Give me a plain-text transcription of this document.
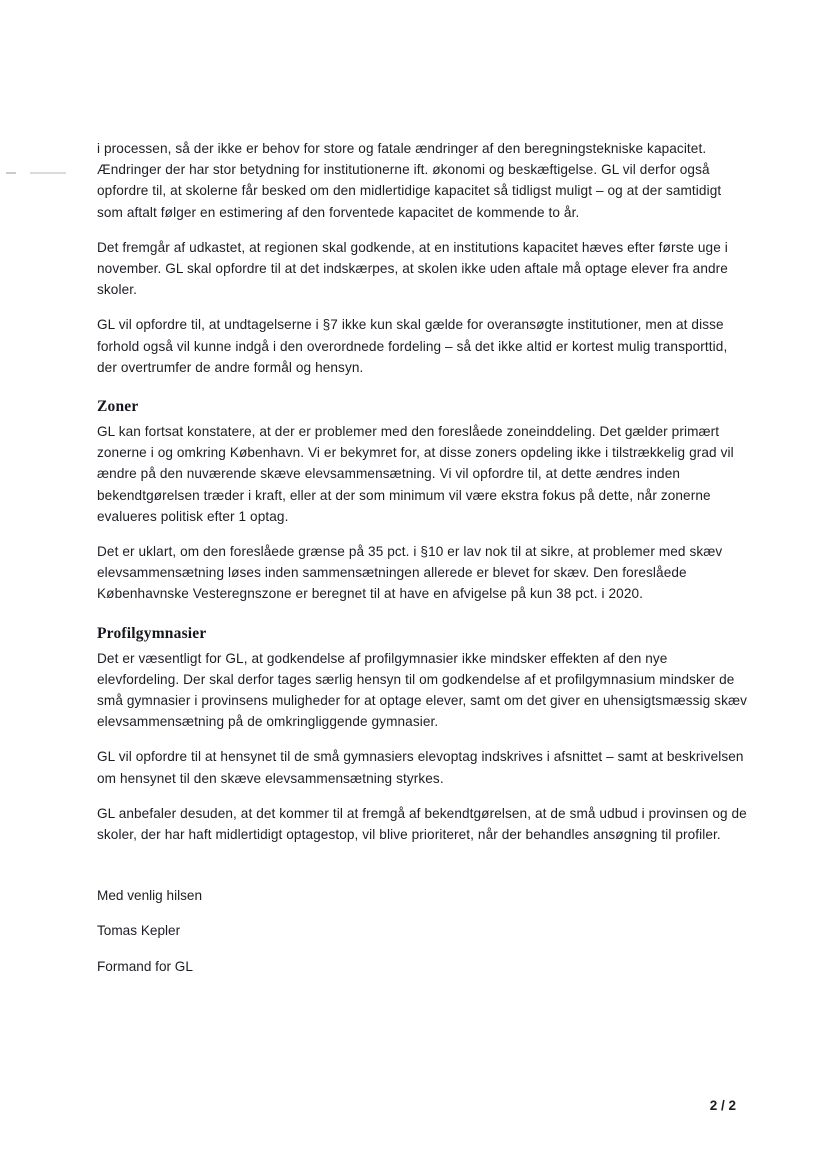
i processen, så der ikke er behov for store og fatale ændringer af den beregningstekniske kapacitet. Ændringer der har stor betydning for institutionerne ift. økonomi og beskæftigelse. GL vil derfor også opfordre til, at skolerne får besked om den midlertidige kapacitet så tidligst muligt – og at der samtidigt som aftalt følger en estimering af den forventede kapacitet de kommende to år.

Det fremgår af udkastet, at regionen skal godkende, at en institutions kapacitet hæves efter første uge i november. GL skal opfordre til at det indskærpes, at skolen ikke uden aftale må optage elever fra andre skoler.

GL vil opfordre til, at undtagelserne i §7 ikke kun skal gælde for overansøgte institutioner, men at disse forhold også vil kunne indgå i den overordnede fordeling – så det ikke altid er kortest mulig transporttid, der overtrumfer de andre formål og hensyn.

Zoner

GL kan fortsat konstatere, at der er problemer med den foreslåede zoneinddeling. Det gælder primært zonerne i og omkring København. Vi er bekymret for, at disse zoners opdeling ikke i tilstrækkelig grad vil ændre på den nuværende skæve elevsammensætning. Vi vil opfordre til, at dette ændres inden bekendtgørelsen træder i kraft, eller at der som minimum vil være ekstra fokus på dette, når zonerne evalueres politisk efter 1 optag.

Det er uklart, om den foreslåede grænse på 35 pct. i §10 er lav nok til at sikre, at problemer med skæv elevsammensætning løses inden sammensætningen allerede er blevet for skæv. Den foreslåede Københavnske Vesteregnszone er beregnet til at have en afvigelse på kun 38 pct. i 2020.

Profilgymnasier

Det er væsentligt for GL, at godkendelse af profilgymnasier ikke mindsker effekten af den nye elevfordeling. Der skal derfor tages særlig hensyn til om godkendelse af et profilgymnasium mindsker de små gymnasier i provinsens muligheder for at optage elever, samt om det giver en uhensigtsmæssig skæv elevsammensætning på de omkringliggende gymnasier.

GL vil opfordre til at hensynet til de små gymnasiers elevoptag indskrives i afsnittet – samt at beskrivelsen om hensynet til den skæve elevsammensætning styrkes.

GL anbefaler desuden, at det kommer til at fremgå af bekendtgørelsen, at de små udbud i provinsen og de skoler, der har haft midlertidigt optagestop, vil blive prioriteret, når der behandles ansøgning til profiler.

Med venlig hilsen

Tomas Kepler

Formand for GL

2 / 2
